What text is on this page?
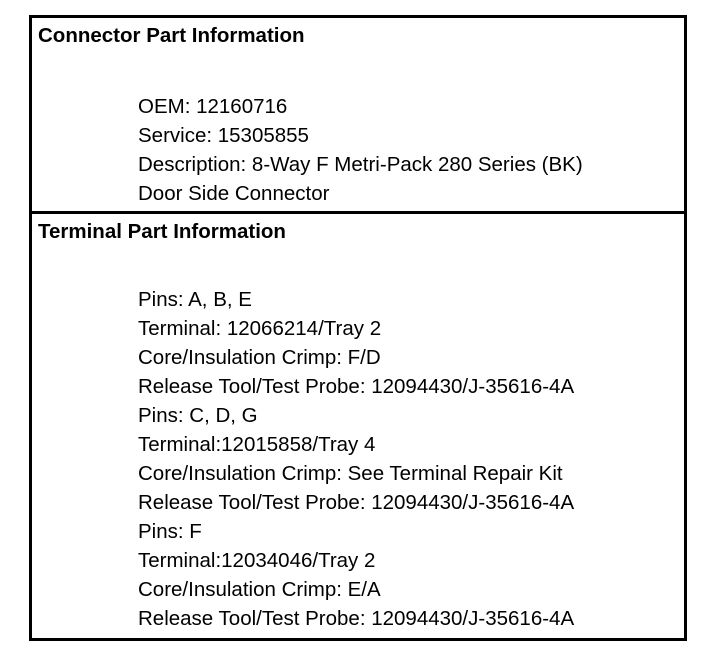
Connector Part Information
OEM: 12160716
Service: 15305855
Description: 8-Way F Metri-Pack 280 Series (BK)
Door Side Connector
Terminal Part Information
Pins: A, B, E
Terminal: 12066214/Tray 2
Core/Insulation Crimp: F/D
Release Tool/Test Probe: 12094430/J-35616-4A
Pins: C, D, G
Terminal:12015858/Tray 4
Core/Insulation Crimp: See Terminal Repair Kit
Release Tool/Test Probe: 12094430/J-35616-4A
Pins: F
Terminal:12034046/Tray 2
Core/Insulation Crimp: E/A
Release Tool/Test Probe: 12094430/J-35616-4A
